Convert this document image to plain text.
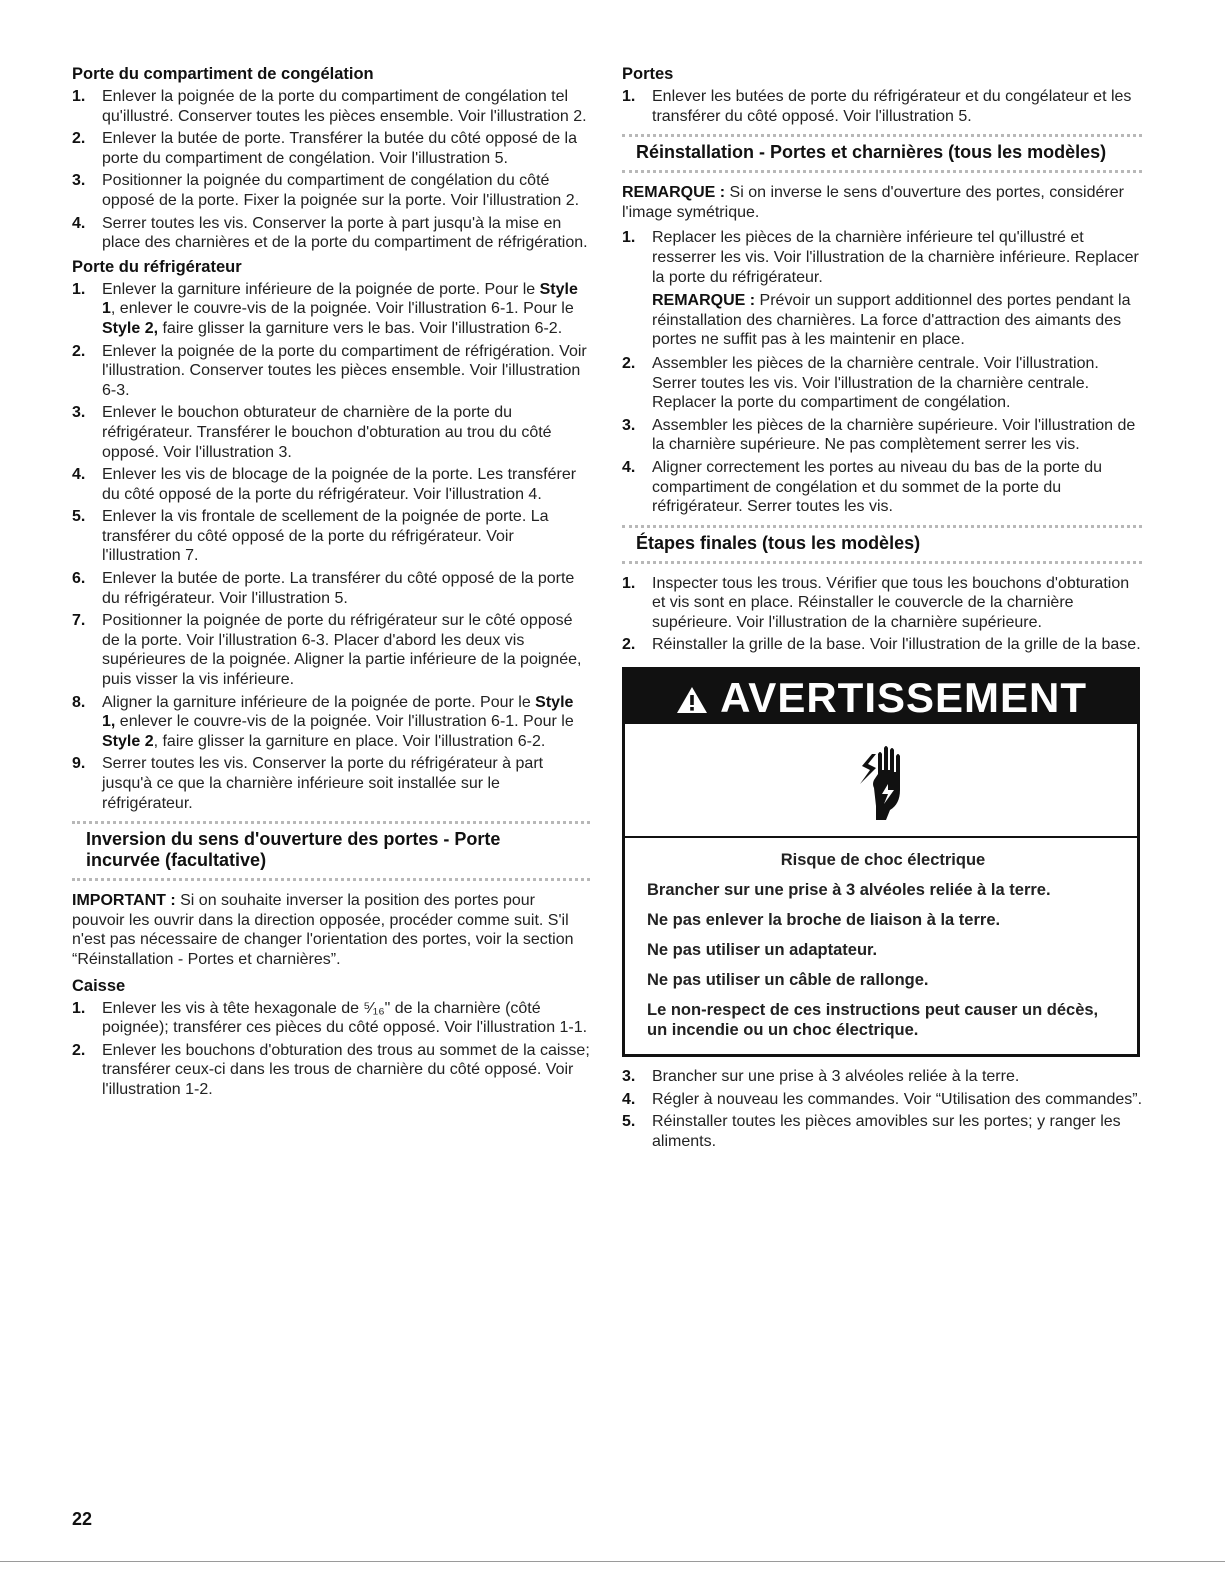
Porte du compartiment de congélation
1. Enlever la poignée de la porte du compartiment de congélation tel qu'illustré. Conserver toutes les pièces ensemble. Voir l'illustration 2.
2. Enlever la butée de porte. Transférer la butée du côté opposé de la porte du compartiment de congélation. Voir l'illustration 5.
3. Positionner la poignée du compartiment de congélation du côté opposé de la porte. Fixer la poignée sur la porte. Voir l'illustration 2.
4. Serrer toutes les vis. Conserver la porte à part jusqu'à la mise en place des charnières et de la porte du compartiment de réfrigération.
Porte du réfrigérateur
1. Enlever la garniture inférieure de la poignée de porte. Pour le Style 1, enlever le couvre-vis de la poignée. Voir l'illustration 6-1. Pour le Style 2, faire glisser la garniture vers le bas. Voir l'illustration 6-2.
2. Enlever la poignée de la porte du compartiment de réfrigération. Voir l'illustration. Conserver toutes les pièces ensemble. Voir l'illustration 6-3.
3. Enlever le bouchon obturateur de charnière de la porte du réfrigérateur. Transférer le bouchon d'obturation au trou du côté opposé. Voir l'illustration 3.
4. Enlever les vis de blocage de la poignée de la porte. Les transférer du côté opposé de la porte du réfrigérateur. Voir l'illustration 4.
5. Enlever la vis frontale de scellement de la poignée de porte. La transférer du côté opposé de la porte du réfrigérateur. Voir l'illustration 7.
6. Enlever la butée de porte. La transférer du côté opposé de la porte du réfrigérateur. Voir l'illustration 5.
7. Positionner la poignée de porte du réfrigérateur sur le côté opposé de la porte. Voir l'illustration 6-3. Placer d'abord les deux vis supérieures de la poignée. Aligner la partie inférieure de la poignée, puis visser la vis inférieure.
8. Aligner la garniture inférieure de la poignée de porte. Pour le Style 1, enlever le couvre-vis de la poignée. Voir l'illustration 6-1. Pour le Style 2, faire glisser la garniture en place. Voir l'illustration 6-2.
9. Serrer toutes les vis. Conserver la porte du réfrigérateur à part jusqu'à ce que la charnière inférieure soit installée sur le réfrigérateur.
Inversion du sens d'ouverture des portes - Porte
incurvée (facultative)

IMPORTANT : Si on souhaite inverser la position des portes pour pouvoir les ouvrir dans la direction opposée, procéder comme suit. S'il n'est pas nécessaire de changer l'orientation des portes, voir la section “Réinstallation - Portes et charnières”.

Caisse
1. Enlever les vis à tête hexagonale de ⁵⁄₁₆" de la charnière (côté poignée); transférer ces pièces du côté opposé. Voir l'illustration 1-1.
2. Enlever les bouchons d'obturation des trous au sommet de la caisse; transférer ceux-ci dans les trous de charnière du côté opposé. Voir l'illustration 1-2.
Portes
1. Enlever les butées de porte du réfrigérateur et du congélateur et les transférer du côté opposé. Voir l'illustration 5.
Réinstallation - Portes et charnières (tous les modèles)

REMARQUE : Si on inverse le sens d'ouverture des portes, considérer l'image symétrique.

1. Replacer les pièces de la charnière inférieure tel qu'illustré et resserrer les vis. Voir l'illustration de la charnière inférieure. Replacer la porte du réfrigérateur.
REMARQUE : Prévoir un support additionnel des portes pendant la réinstallation des charnières. La force d'attraction des aimants des portes ne suffit pas à les maintenir en place.
2. Assembler les pièces de la charnière centrale. Voir l'illustration. Serrer toutes les vis. Voir l'illustration de la charnière centrale. Replacer la porte du compartiment de congélation.
3. Assembler les pièces de la charnière supérieure. Voir l'illustration de la charnière supérieure. Ne pas complètement serrer les vis.
4. Aligner correctement les portes au niveau du bas de la porte du compartiment de congélation et du sommet de la porte du réfrigérateur. Serrer toutes les vis.
Étapes finales (tous les modèles)
1. Inspecter tous les trous. Vérifier que tous les bouchons d'obturation et vis sont en place. Réinstaller le couvercle de la charnière supérieure. Voir l'illustration de la charnière supérieure.
2. Réinstaller la grille de la base. Voir l'illustration de la grille de la base.
AVERTISSEMENT
Risque de choc électrique
Brancher sur une prise à 3 alvéoles reliée à la terre.
Ne pas enlever la broche de liaison à la terre.
Ne pas utiliser un adaptateur.
Ne pas utiliser un câble de rallonge.
Le non-respect de ces instructions peut causer un décès, un incendie ou un choc électrique.
3. Brancher sur une prise à 3 alvéoles reliée à la terre.
4. Régler à nouveau les commandes. Voir “Utilisation des commandes”.
5. Réinstaller toutes les pièces amovibles sur les portes; y ranger les aliments.
22
